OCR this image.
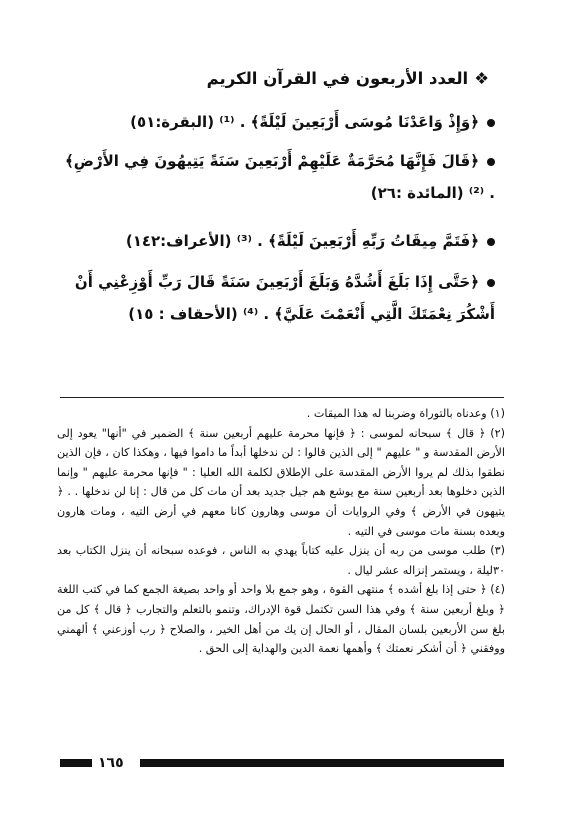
❖العدد الأربعون في القرآن الكريم
﴿وَإِذْ وَاعَدْنَا مُوسَى أَرْبَعِينَ لَيْلَةً﴾ . ⁽¹⁾ (البقرة:٥١)
﴿قَالَ فَإِنَّهَا مُحَرَّمَةٌ عَلَيْهِمْ أَرْبَعِينَ سَنَةً يَتِيهُونَ فِي الأَرْضِ﴾ . ⁽²⁾ (المائدة :٢٦)
﴿فَتَمَّ مِيقَاتُ رَبِّهِ أَرْبَعِينَ لَيْلَةً﴾ . ⁽³⁾ (الأعراف:١٤٢)
﴿حَتَّى إِذَا بَلَغَ أَشُدَّهُ وَبَلَغَ أَرْبَعِينَ سَنَةً قَالَ رَبِّ أَوْزِعْنِي أَنْ أَشْكُرَ نِعْمَتَكَ الَّتِي أَنْعَمْتَ عَلَيَّ﴾ . ⁽⁴⁾ (الأحقاف : ١٥)

(١) وعدناه بالتوراة وضربنا له هذا الميقات .

(٢) ﴿ قال ﴾ سبحانه لموسى : ﴿ فإنها محرمة عليهم أربعين سنة ﴾ الضمير في "أنها" يعود إلى الأرض المقدسة و " عليهم " إلى الذين قالوا : لن ندخلها أبداً ما داموا فيها ، وهكذا كان ، فإن الذين نطقوا بذلك لم يروا الأرض المقدسة على الإطلاق لكلمة الله العليا : " فإنها محرمة عليهم " وإنما الذين دخلوها بعد أربعين سنة مع يوشع هم جيل جديد بعد أن مات كل من قال : إنا لن ندخلها . . ﴿ يتيهون في الأرض ﴾ وفي الروايات أن موسى وهارون كانا معهم في أرض التيه ، ومات هارون وبعده بسنة مات موسى في التيه .

(٣) طلب موسى من ربه أن ينزل عليه كتاباً يهدي به الناس ، فوعده سبحانه أن ينزل الكتاب بعد ٣٠ليلة ، ويستمر إنزاله عشر ليال .

(٤) ﴿ حتى إذا بلغ أشده ﴾ منتهى القوة ، وهو جمع بلا واحد أو واحد بصيغة الجمع كما في كتب اللغة ﴿ وبلغ أربعين سنة ﴾ وفي هذا السن تكتمل قوة الإدراك، وتنمو بالتعلم والتجارب ﴿ قال ﴾ كل من بلغ سن الأربعين بلسان المقال ، أو الحال إن يك من أهل الخير ، والصلاح ﴿ رب أوزعني ﴾ ألهمني ووفقني ﴿ أن أشكر نعمتك ﴾ وأهمها نعمة الدين والهداية إلى الحق .

١٦٥
